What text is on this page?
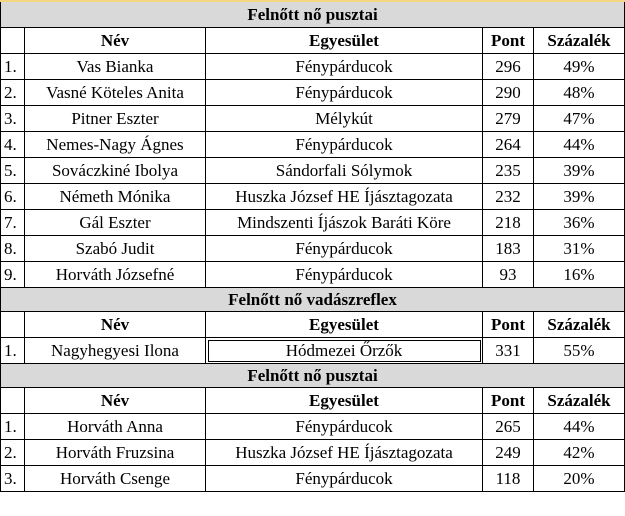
Felnőtt nő pusztai				
	Név	Egyesület	Pont	Százalék
1.	Vas Bianka	Fénypárducok	296	49%
2.	Vasné Köteles Anita	Fénypárducok	290	48%
3.	Pitner Eszter	Mélykút	279	47%
4.	Nemes-Nagy Ágnes	Fénypárducok	264	44%
5.	Sováczkiné Ibolya	Sándorfali Sólymok	235	39%
6.	Németh Mónika	Huszka József HE Íjásztagozata	232	39%
7.	Gál Eszter	Mindszenti Íjászok Baráti Köre	218	36%
8.	Szabó Judit	Fénypárducok	183	31%
9.	Horváth Józsefné	Fénypárducok	93	16%
Felnőtt nő vadászreflex				
	Név	Egyesület	Pont	Százalék
1.	Nagyhegyesi Ilona	Hódmezei Őrzők	331	55%
Felnőtt nő pusztai				
	Név	Egyesület	Pont	Százalék
1.	Horváth Anna	Fénypárducok	265	44%
2.	Horváth Fruzsina	Huszka József HE Íjásztagozata	249	42%
3.	Horváth Csenge	Fénypárducok	118	20%
